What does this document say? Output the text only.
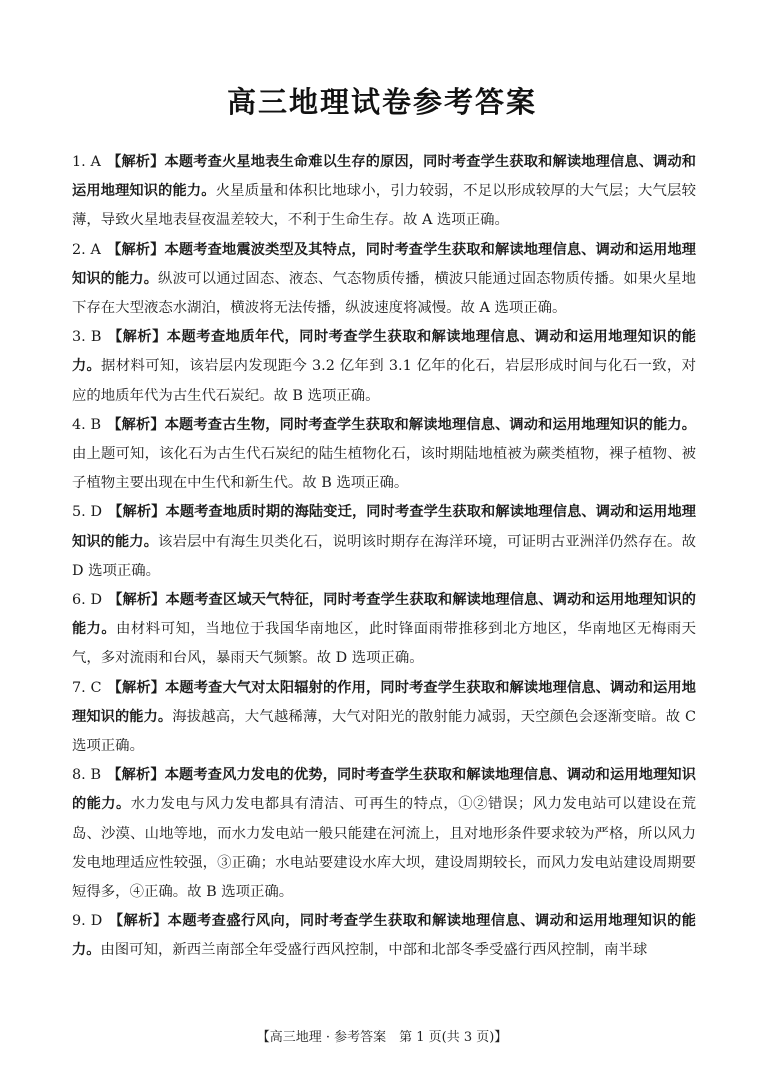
高三地理试卷参考答案

1. A 【解析】本题考查火星地表生命难以生存的原因，同时考查学生获取和解读地理信息、调动和运用地理知识的能力。火星质量和体积比地球小，引力较弱，不足以形成较厚的大气层；大气层较薄，导致火星地表昼夜温差较大，不利于生命生存。故 A 选项正确。

2. A 【解析】本题考查地震波类型及其特点，同时考查学生获取和解读地理信息、调动和运用地理知识的能力。纵波可以通过固态、液态、气态物质传播，横波只能通过固态物质传播。如果火星地下存在大型液态水湖泊，横波将无法传播，纵波速度将减慢。故 A 选项正确。

3. B 【解析】本题考查地质年代，同时考查学生获取和解读地理信息、调动和运用地理知识的能力。据材料可知，该岩层内发现距今 3.2 亿年到 3.1 亿年的化石，岩层形成时间与化石一致，对应的地质年代为古生代石炭纪。故 B 选项正确。

4. B 【解析】本题考查古生物，同时考查学生获取和解读地理信息、调动和运用地理知识的能力。由上题可知，该化石为古生代石炭纪的陆生植物化石，该时期陆地植被为蕨类植物，裸子植物、被子植物主要出现在中生代和新生代。故 B 选项正确。

5. D 【解析】本题考查地质时期的海陆变迁，同时考查学生获取和解读地理信息、调动和运用地理知识的能力。该岩层中有海生贝类化石，说明该时期存在海洋环境，可证明古亚洲洋仍然存在。故 D 选项正确。

6. D 【解析】本题考查区域天气特征，同时考查学生获取和解读地理信息、调动和运用地理知识的能力。由材料可知，当地位于我国华南地区，此时锋面雨带推移到北方地区，华南地区无梅雨天气，多对流雨和台风，暴雨天气频繁。故 D 选项正确。

7. C 【解析】本题考查大气对太阳辐射的作用，同时考查学生获取和解读地理信息、调动和运用地理知识的能力。海拔越高，大气越稀薄，大气对阳光的散射能力减弱，天空颜色会逐渐变暗。故 C 选项正确。

8. B 【解析】本题考查风力发电的优势，同时考查学生获取和解读地理信息、调动和运用地理知识的能力。水力发电与风力发电都具有清洁、可再生的特点，①②错误；风力发电站可以建设在荒岛、沙漠、山地等地，而水力发电站一般只能建在河流上，且对地形条件要求较为严格，所以风力发电地理适应性较强，③正确；水电站要建设水库大坝，建设周期较长，而风力发电站建设周期要短得多，④正确。故 B 选项正确。

9. D 【解析】本题考查盛行风向，同时考查学生获取和解读地理信息、调动和运用地理知识的能力。由图可知，新西兰南部全年受盛行西风控制，中部和北部冬季受盛行西风控制，南半球

【高三地理 · 参考答案　第 1 页(共 3 页)】
